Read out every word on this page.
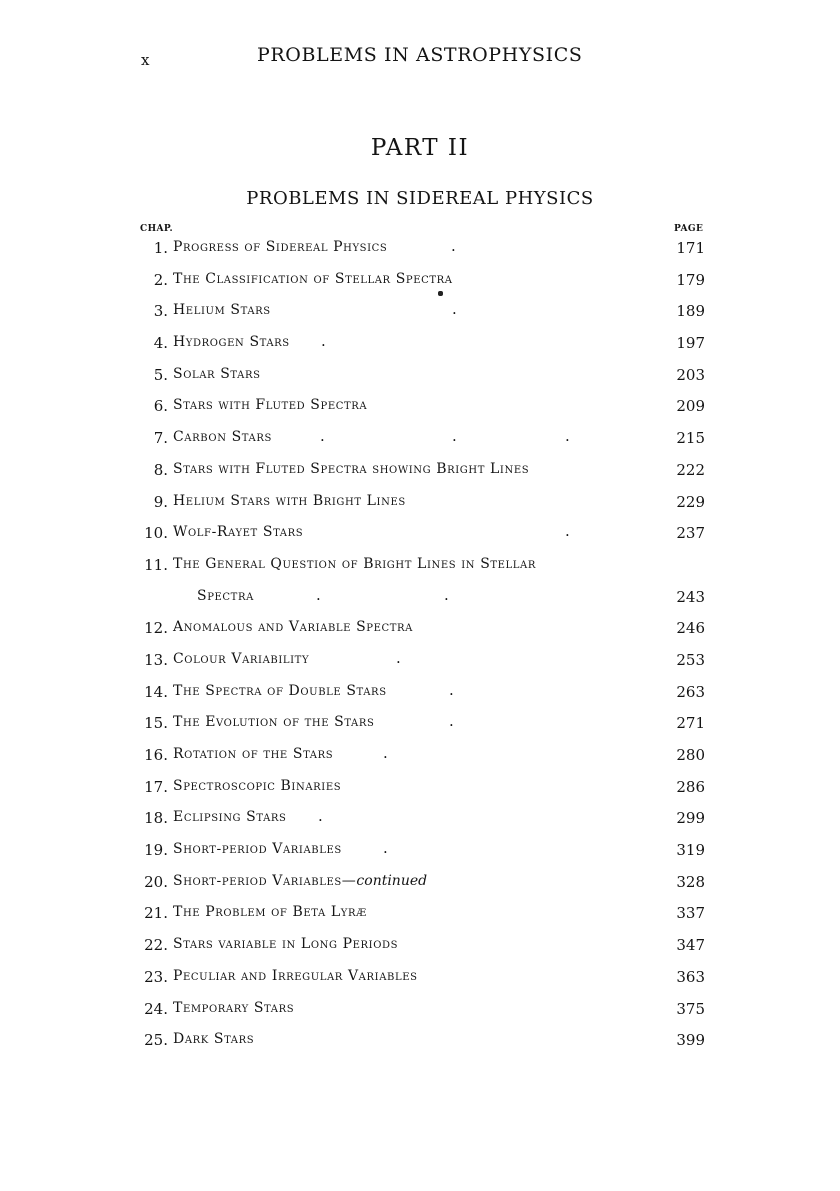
x	PROBLEMS IN ASTROPHYSICS
PART II
PROBLEMS IN SIDEREAL PHYSICS
CHAP.	PAGE
1. Progress of Sidereal Physics	.	171
2. The Classification of Stellar Spectra	179
3. Helium Stars	.	189
4. Hydrogen Stars .	197
5. Solar Stars	203
6. Stars with Fluted Spectra	209
7. Carbon Stars	.	.	.	215
8. Stars with Fluted Spectra showing Bright Lines	222
9. Helium Stars with Bright Lines	229
10. Wolf-Rayet Stars	.	237
11. The General Question of Bright Lines in Stellar
Spectra	.	.	243
12. Anomalous and Variable Spectra	246
13. Colour Variability	.	253
14. The Spectra of Double Stars	.	263
15. The Evolution of the Stars	.	271
16. Rotation of the Stars	.	280
17. Spectroscopic Binaries	286
18. Eclipsing Stars .	299
19. Short-period Variables	.	319
20. Short-period Variables—continued	328
21. The Problem of Beta Lyræ	337
22. Stars variable in Long Periods	347
23. Peculiar and Irregular Variables	363
24. Temporary Stars	375
25. Dark Stars	399
